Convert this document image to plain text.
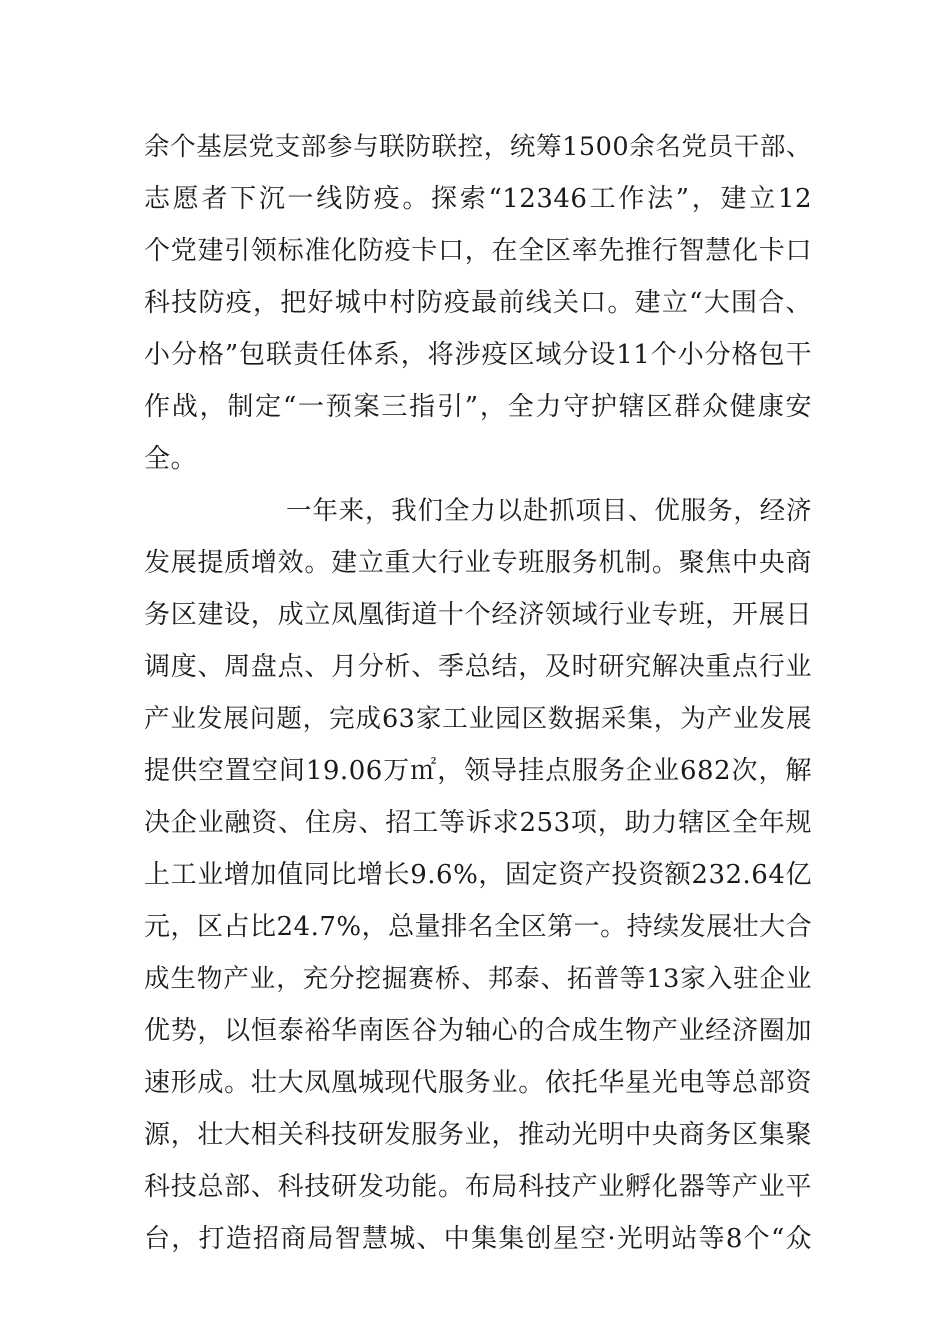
余个基层党支部参与联防联控，统筹1500余名党员干部、
志愿者下沉一线防疫。探索“12346工作法”，建立12
个党建引领标准化防疫卡口，在全区率先推行智慧化卡口
科技防疫，把好城中村防疫最前线关口。建立“大围合、
小分格”包联责任体系，将涉疫区域分设11个小分格包干
作战，制定“一预案三指引”，全力守护辖区群众健康安
全。
一年来，我们全力以赴抓项目、优服务，经济
发展提质增效。建立重大行业专班服务机制。聚焦中央商
务区建设，成立凤凰街道十个经济领域行业专班，开展日
调度、周盘点、月分析、季总结，及时研究解决重点行业
产业发展问题，完成63家工业园区数据采集，为产业发展
提供空置空间19.06万㎡，领导挂点服务企业682次，解
决企业融资、住房、招工等诉求253项，助力辖区全年规
上工业增加值同比增长9.6%，固定资产投资额232.64亿
元，区占比24.7%，总量排名全区第一。持续发展壮大合
成生物产业，充分挖掘赛桥、邦泰、拓普等13家入驻企业
优势，以恒泰裕华南医谷为轴心的合成生物产业经济圈加
速形成。壮大凤凰城现代服务业。依托华星光电等总部资
源，壮大相关科技研发服务业，推动光明中央商务区集聚
科技总部、科技研发功能。布局科技产业孵化器等产业平
台，打造招商局智慧城、中集集创星空·光明站等8个“众
